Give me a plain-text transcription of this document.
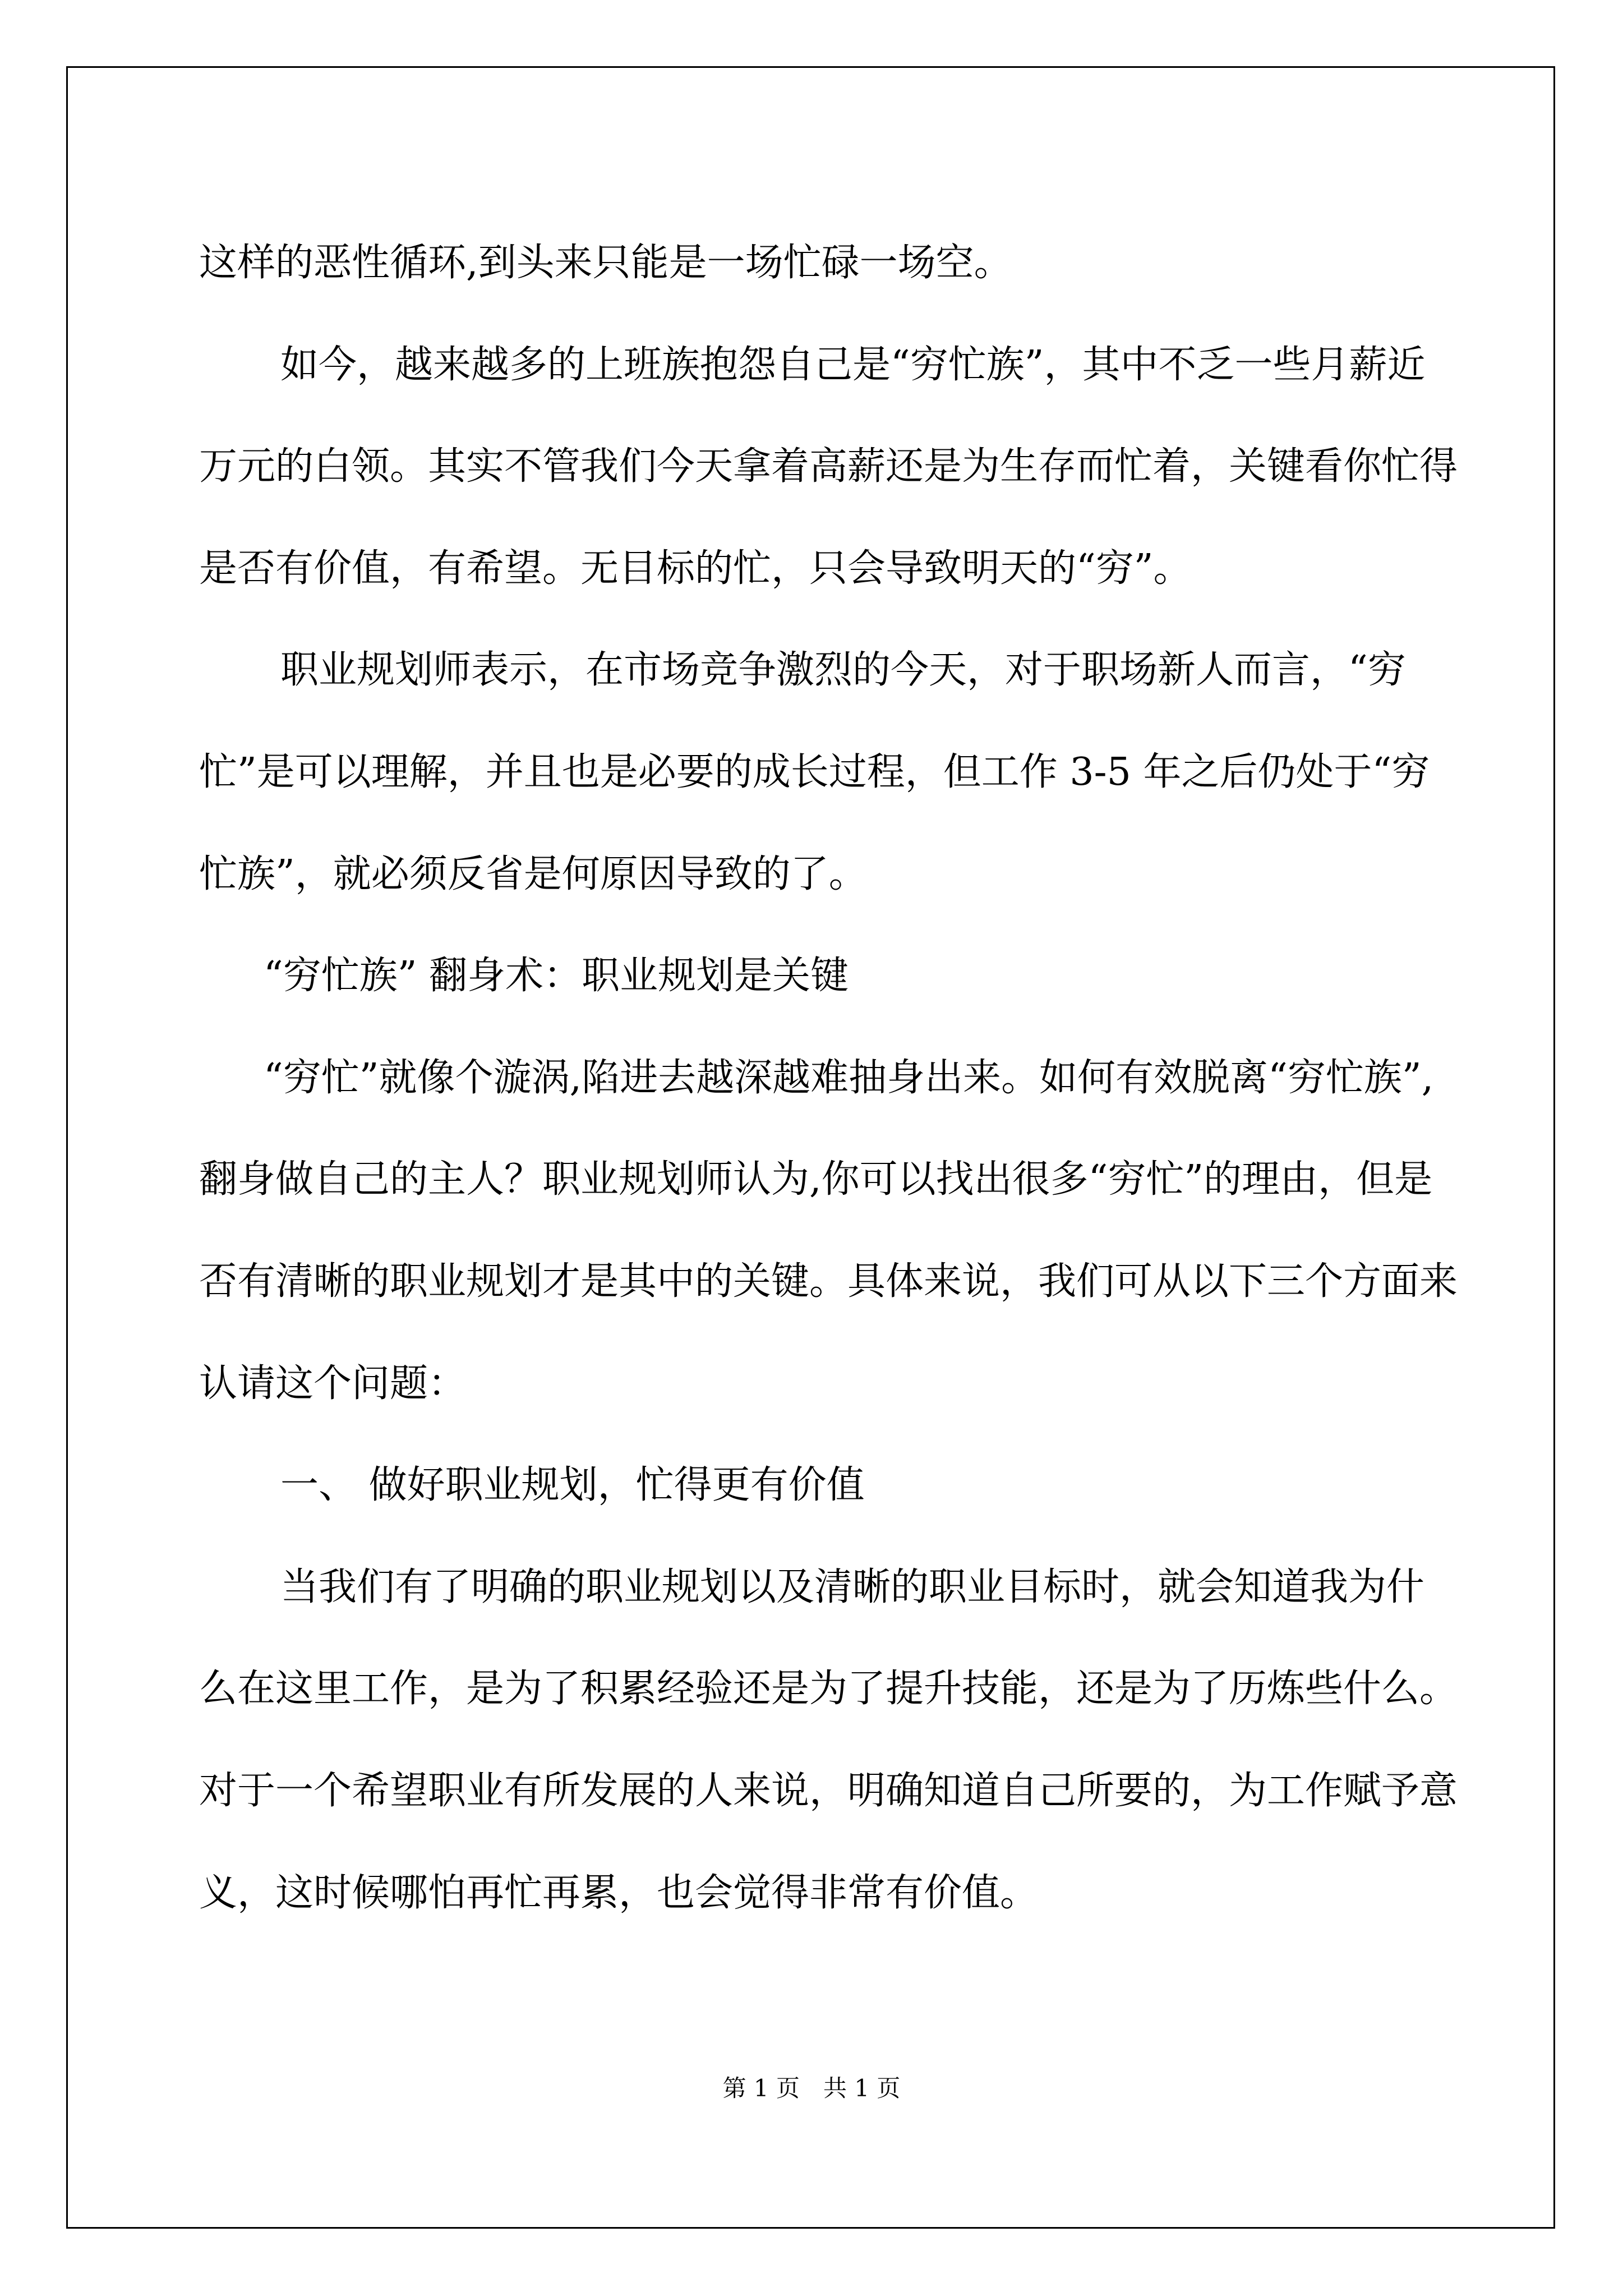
这样的恶性循环,到头来只能是一场忙碌一场空。

如今，越来越多的上班族抱怨自己是“穷忙族”，其中不乏一些月薪近万元的白领。其实不管我们今天拿着高薪还是为生存而忙着，关键看你忙得是否有价值，有希望。无目标的忙，只会导致明天的“穷”。

职业规划师表示，在市场竞争激烈的今天，对于职场新人而言，“穷忙”是可以理解，并且也是必要的成长过程，但工作 3-5 年之后仍处于“穷忙族”，就必须反省是何原因导致的了。

“穷忙族” 翻身术：职业规划是关键

“穷忙”就像个漩涡,陷进去越深越难抽身出来。如何有效脱离“穷忙族”,翻身做自己的主人？职业规划师认为,你可以找出很多“穷忙”的理由，但是否有清晰的职业规划才是其中的关键。具体来说，我们可从以下三个方面来认请这个问题：

一、 做好职业规划，忙得更有价值

当我们有了明确的职业规划以及清晰的职业目标时，就会知道我为什么在这里工作，是为了积累经验还是为了提升技能，还是为了历炼些什么。对于一个希望职业有所发展的人来说，明确知道自己所要的，为工作赋予意义，这时候哪怕再忙再累，也会觉得非常有价值。

第 1 页　共 1 页
